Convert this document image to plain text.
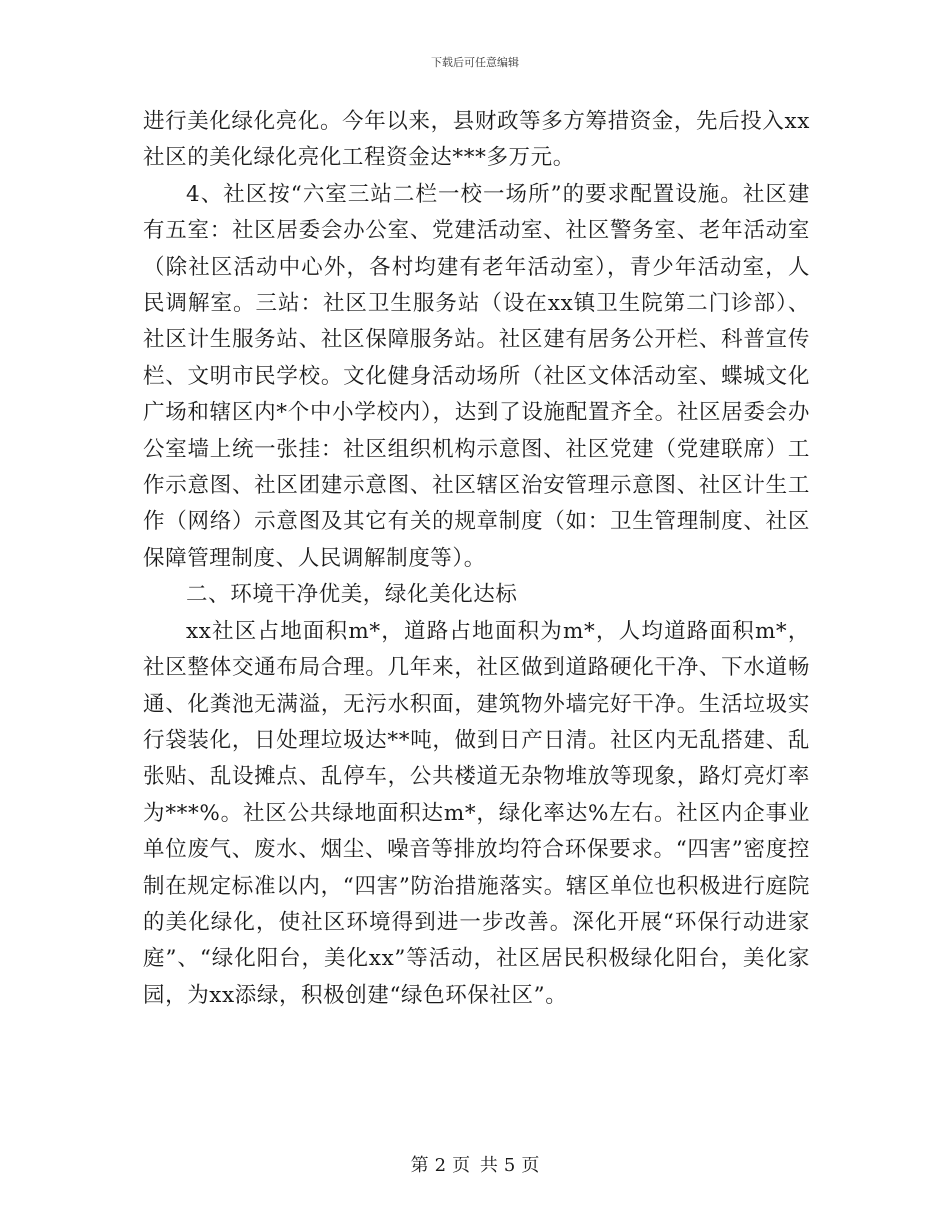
下载后可任意编辑

进行美化绿化亮化。今年以来，县财政等多方筹措资金，先后投入xx社区的美化绿化亮化工程资金达***多万元。

4、社区按“六室三站二栏一校一场所”的要求配置设施。社区建有五室：社区居委会办公室、党建活动室、社区警务室、老年活动室（除社区活动中心外，各村均建有老年活动室），青少年活动室，人民调解室。三站：社区卫生服务站（设在xx镇卫生院第二门诊部）、社区计生服务站、社区保障服务站。社区建有居务公开栏、科普宣传栏、文明市民学校。文化健身活动场所（社区文体活动室、蝶城文化广场和辖区内*个中小学校内），达到了设施配置齐全。社区居委会办公室墙上统一张挂：社区组织机构示意图、社区党建（党建联席）工作示意图、社区团建示意图、社区辖区治安管理示意图、社区计生工作（网络）示意图及其它有关的规章制度（如：卫生管理制度、社区保障管理制度、人民调解制度等）。

二、环境干净优美，绿化美化达标

xx社区占地面积m*，道路占地面积为m*，人均道路面积m*，社区整体交通布局合理。几年来，社区做到道路硬化干净、下水道畅通、化粪池无满溢，无污水积面，建筑物外墙完好干净。生活垃圾实行袋装化，日处理垃圾达**吨，做到日产日清。社区内无乱搭建、乱张贴、乱设摊点、乱停车，公共楼道无杂物堆放等现象，路灯亮灯率为***%。社区公共绿地面积达m*，绿化率达%左右。社区内企事业单位废气、废水、烟尘、噪音等排放均符合环保要求。“四害”密度控制在规定标准以内，“四害”防治措施落实。辖区单位也积极进行庭院的美化绿化，使社区环境得到进一步改善。深化开展“环保行动进家庭”、“绿化阳台，美化xx”等活动，社区居民积极绿化阳台，美化家园，为xx添绿，积极创建“绿色环保社区”。

第 2 页 共 5 页
